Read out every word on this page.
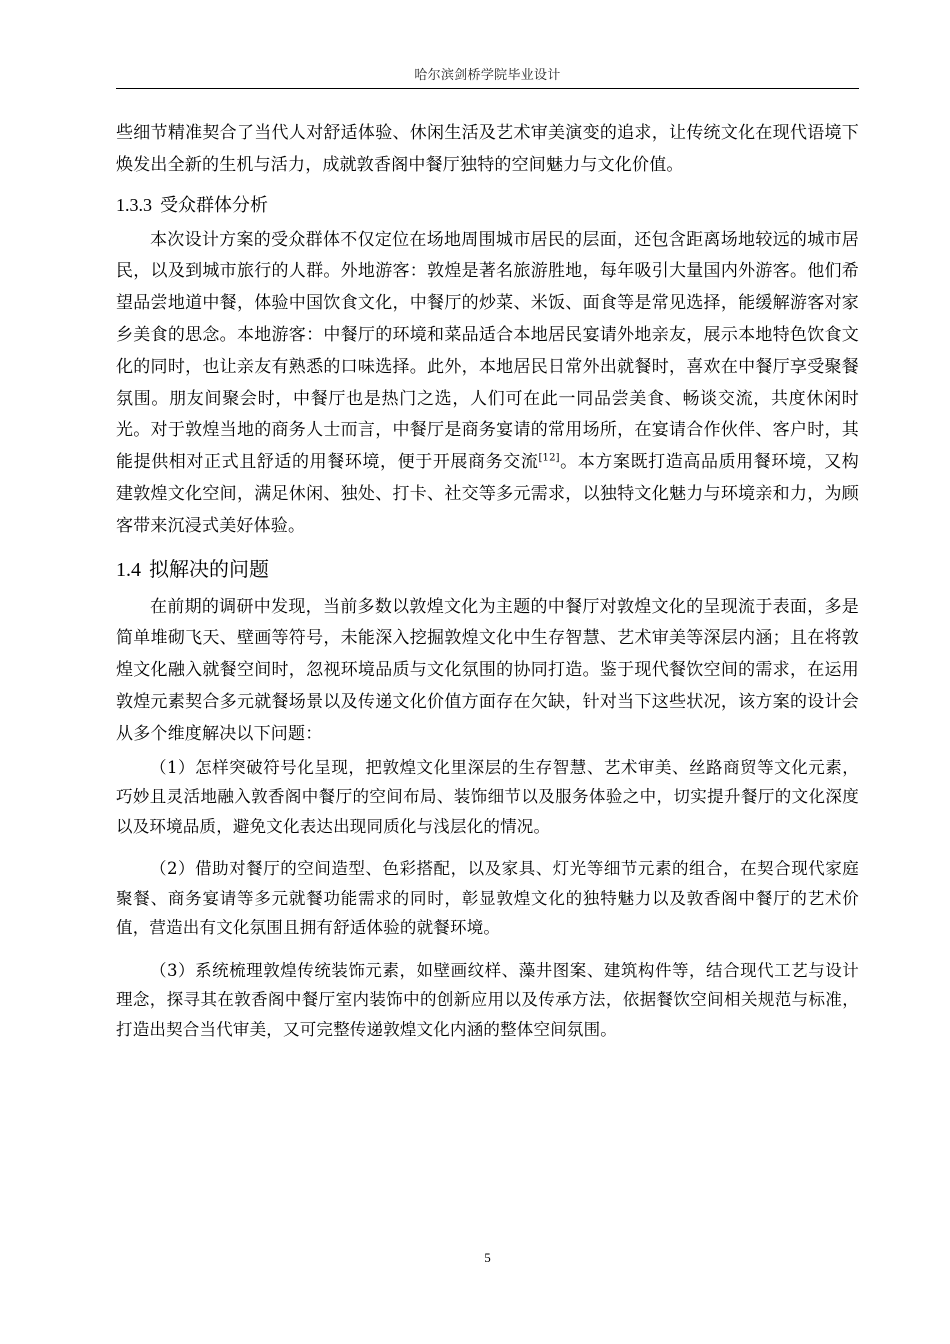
哈尔滨剑桥学院毕业设计

些细节精准契合了当代人对舒适体验、休闲生活及艺术审美演变的追求，让传统文化在现代语境下焕发出全新的生机与活力，成就敦香阁中餐厅独特的空间魅力与文化价值。

1.3.3 受众群体分析

本次设计方案的受众群体不仅定位在场地周围城市居民的层面，还包含距离场地较远的城市居民，以及到城市旅行的人群。外地游客：敦煌是著名旅游胜地，每年吸引大量国内外游客。他们希望品尝地道中餐，体验中国饮食文化，中餐厅的炒菜、米饭、面食等是常见选择，能缓解游客对家乡美食的思念。本地游客：中餐厅的环境和菜品适合本地居民宴请外地亲友，展示本地特色饮食文化的同时，也让亲友有熟悉的口味选择。此外，本地居民日常外出就餐时，喜欢在中餐厅享受聚餐氛围。朋友间聚会时，中餐厅也是热门之选，人们可在此一同品尝美食、畅谈交流，共度休闲时光。对于敦煌当地的商务人士而言，中餐厅是商务宴请的常用场所，在宴请合作伙伴、客户时，其能提供相对正式且舒适的用餐环境，便于开展商务交流[12]。本方案既打造高品质用餐环境，又构建敦煌文化空间，满足休闲、独处、打卡、社交等多元需求，以独特文化魅力与环境亲和力，为顾客带来沉浸式美好体验。

1.4 拟解决的问题

在前期的调研中发现，当前多数以敦煌文化为主题的中餐厅对敦煌文化的呈现流于表面，多是简单堆砌飞天、壁画等符号，未能深入挖掘敦煌文化中生存智慧、艺术审美等深层内涵；且在将敦煌文化融入就餐空间时，忽视环境品质与文化氛围的协同打造。鉴于现代餐饮空间的需求，在运用敦煌元素契合多元就餐场景以及传递文化价值方面存在欠缺，针对当下这些状况，该方案的设计会从多个维度解决以下问题：

（1）怎样突破符号化呈现，把敦煌文化里深层的生存智慧、艺术审美、丝路商贸等文化元素，巧妙且灵活地融入敦香阁中餐厅的空间布局、装饰细节以及服务体验之中，切实提升餐厅的文化深度以及环境品质，避免文化表达出现同质化与浅层化的情况。

（2）借助对餐厅的空间造型、色彩搭配，以及家具、灯光等细节元素的组合，在契合现代家庭聚餐、商务宴请等多元就餐功能需求的同时，彰显敦煌文化的独特魅力以及敦香阁中餐厅的艺术价值，营造出有文化氛围且拥有舒适体验的就餐环境。

（3）系统梳理敦煌传统装饰元素，如壁画纹样、藻井图案、建筑构件等，结合现代工艺与设计理念，探寻其在敦香阁中餐厅室内装饰中的创新应用以及传承方法，依据餐饮空间相关规范与标准，打造出契合当代审美，又可完整传递敦煌文化内涵的整体空间氛围。

5
